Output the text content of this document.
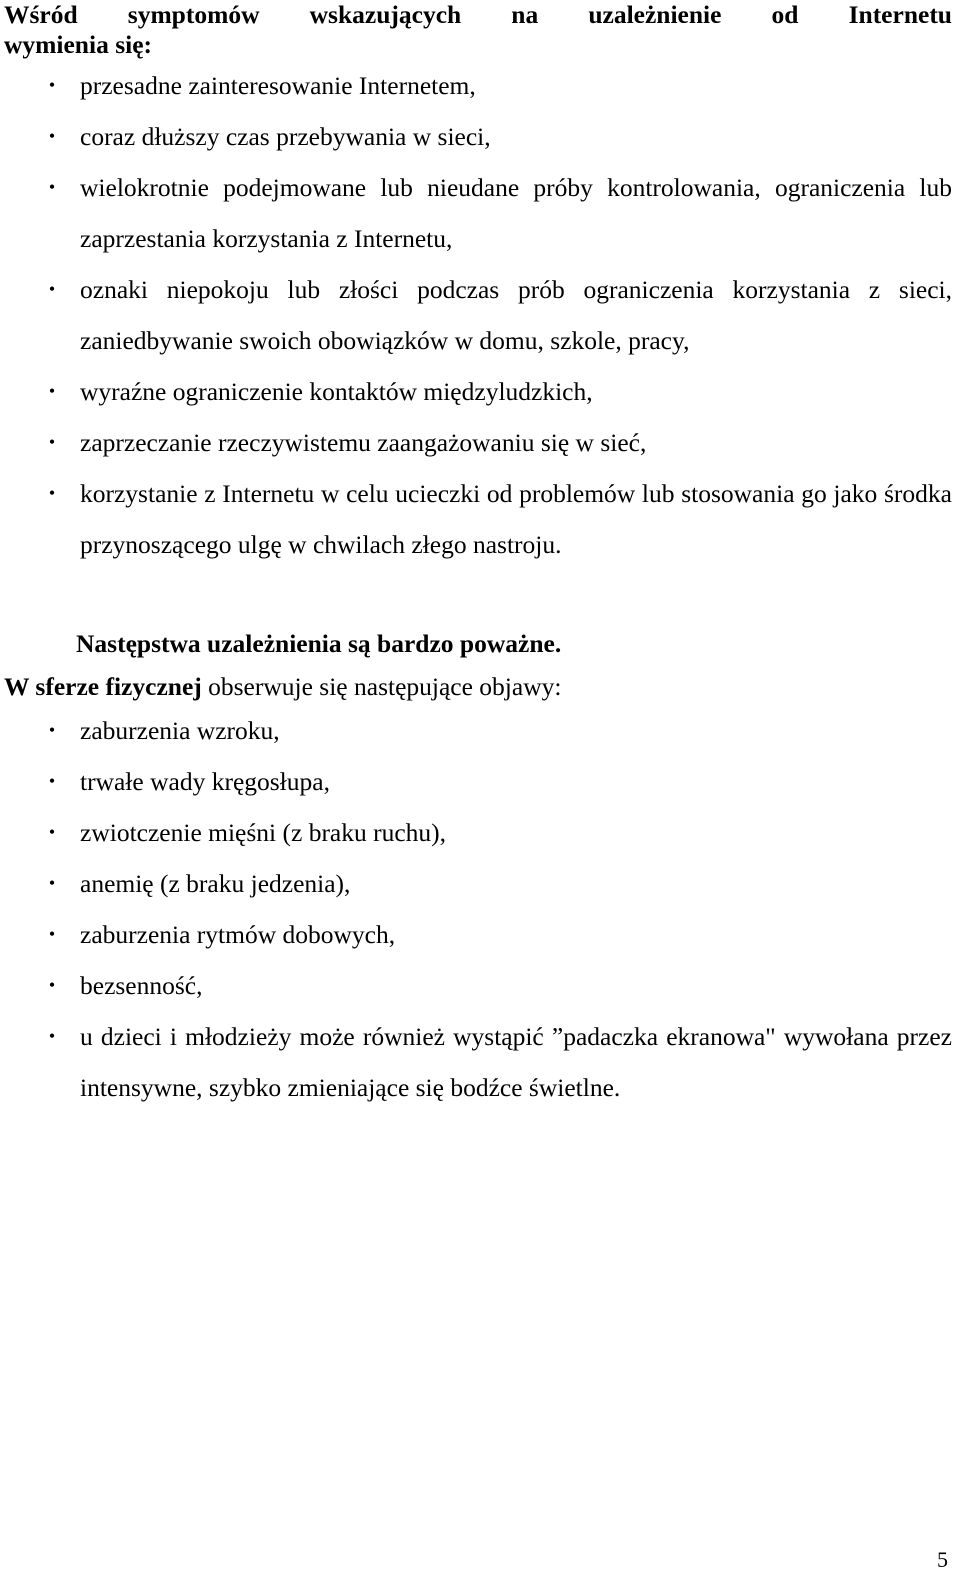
Wśród symptomów wskazujących na uzależnienie od Internetu
wymienia się:

• przesadne zainteresowanie Internetem,
• coraz dłuższy czas przebywania w sieci,
• wielokrotnie podejmowane lub nieudane próby kontrolowania, ograniczenia lub zaprzestania korzystania z Internetu,
• oznaki niepokoju lub złości podczas prób ograniczenia korzystania z sieci, zaniedbywanie swoich obowiązków w domu, szkole, pracy,
• wyraźne ograniczenie kontaktów międzyludzkich,
• zaprzeczanie rzeczywistemu zaangażowaniu się w sieć,
• korzystanie z Internetu w celu ucieczki od problemów lub stosowania go jako środka przynoszącego ulgę w chwilach złego nastroju.

Następstwa uzależnienia są bardzo poważne.

W sferze fizycznej obserwuje się następujące objawy:

• zaburzenia wzroku,
• trwałe wady kręgosłupa,
• zwiotczenie mięśni (z braku ruchu),
• anemię (z braku jedzenia),
• zaburzenia rytmów dobowych,
• bezsenność,
• u dzieci i młodzieży może również wystąpić ˮpadaczka ekranowa" wywołana przez intensywne, szybko zmieniające się bodźce świetlne.
5
